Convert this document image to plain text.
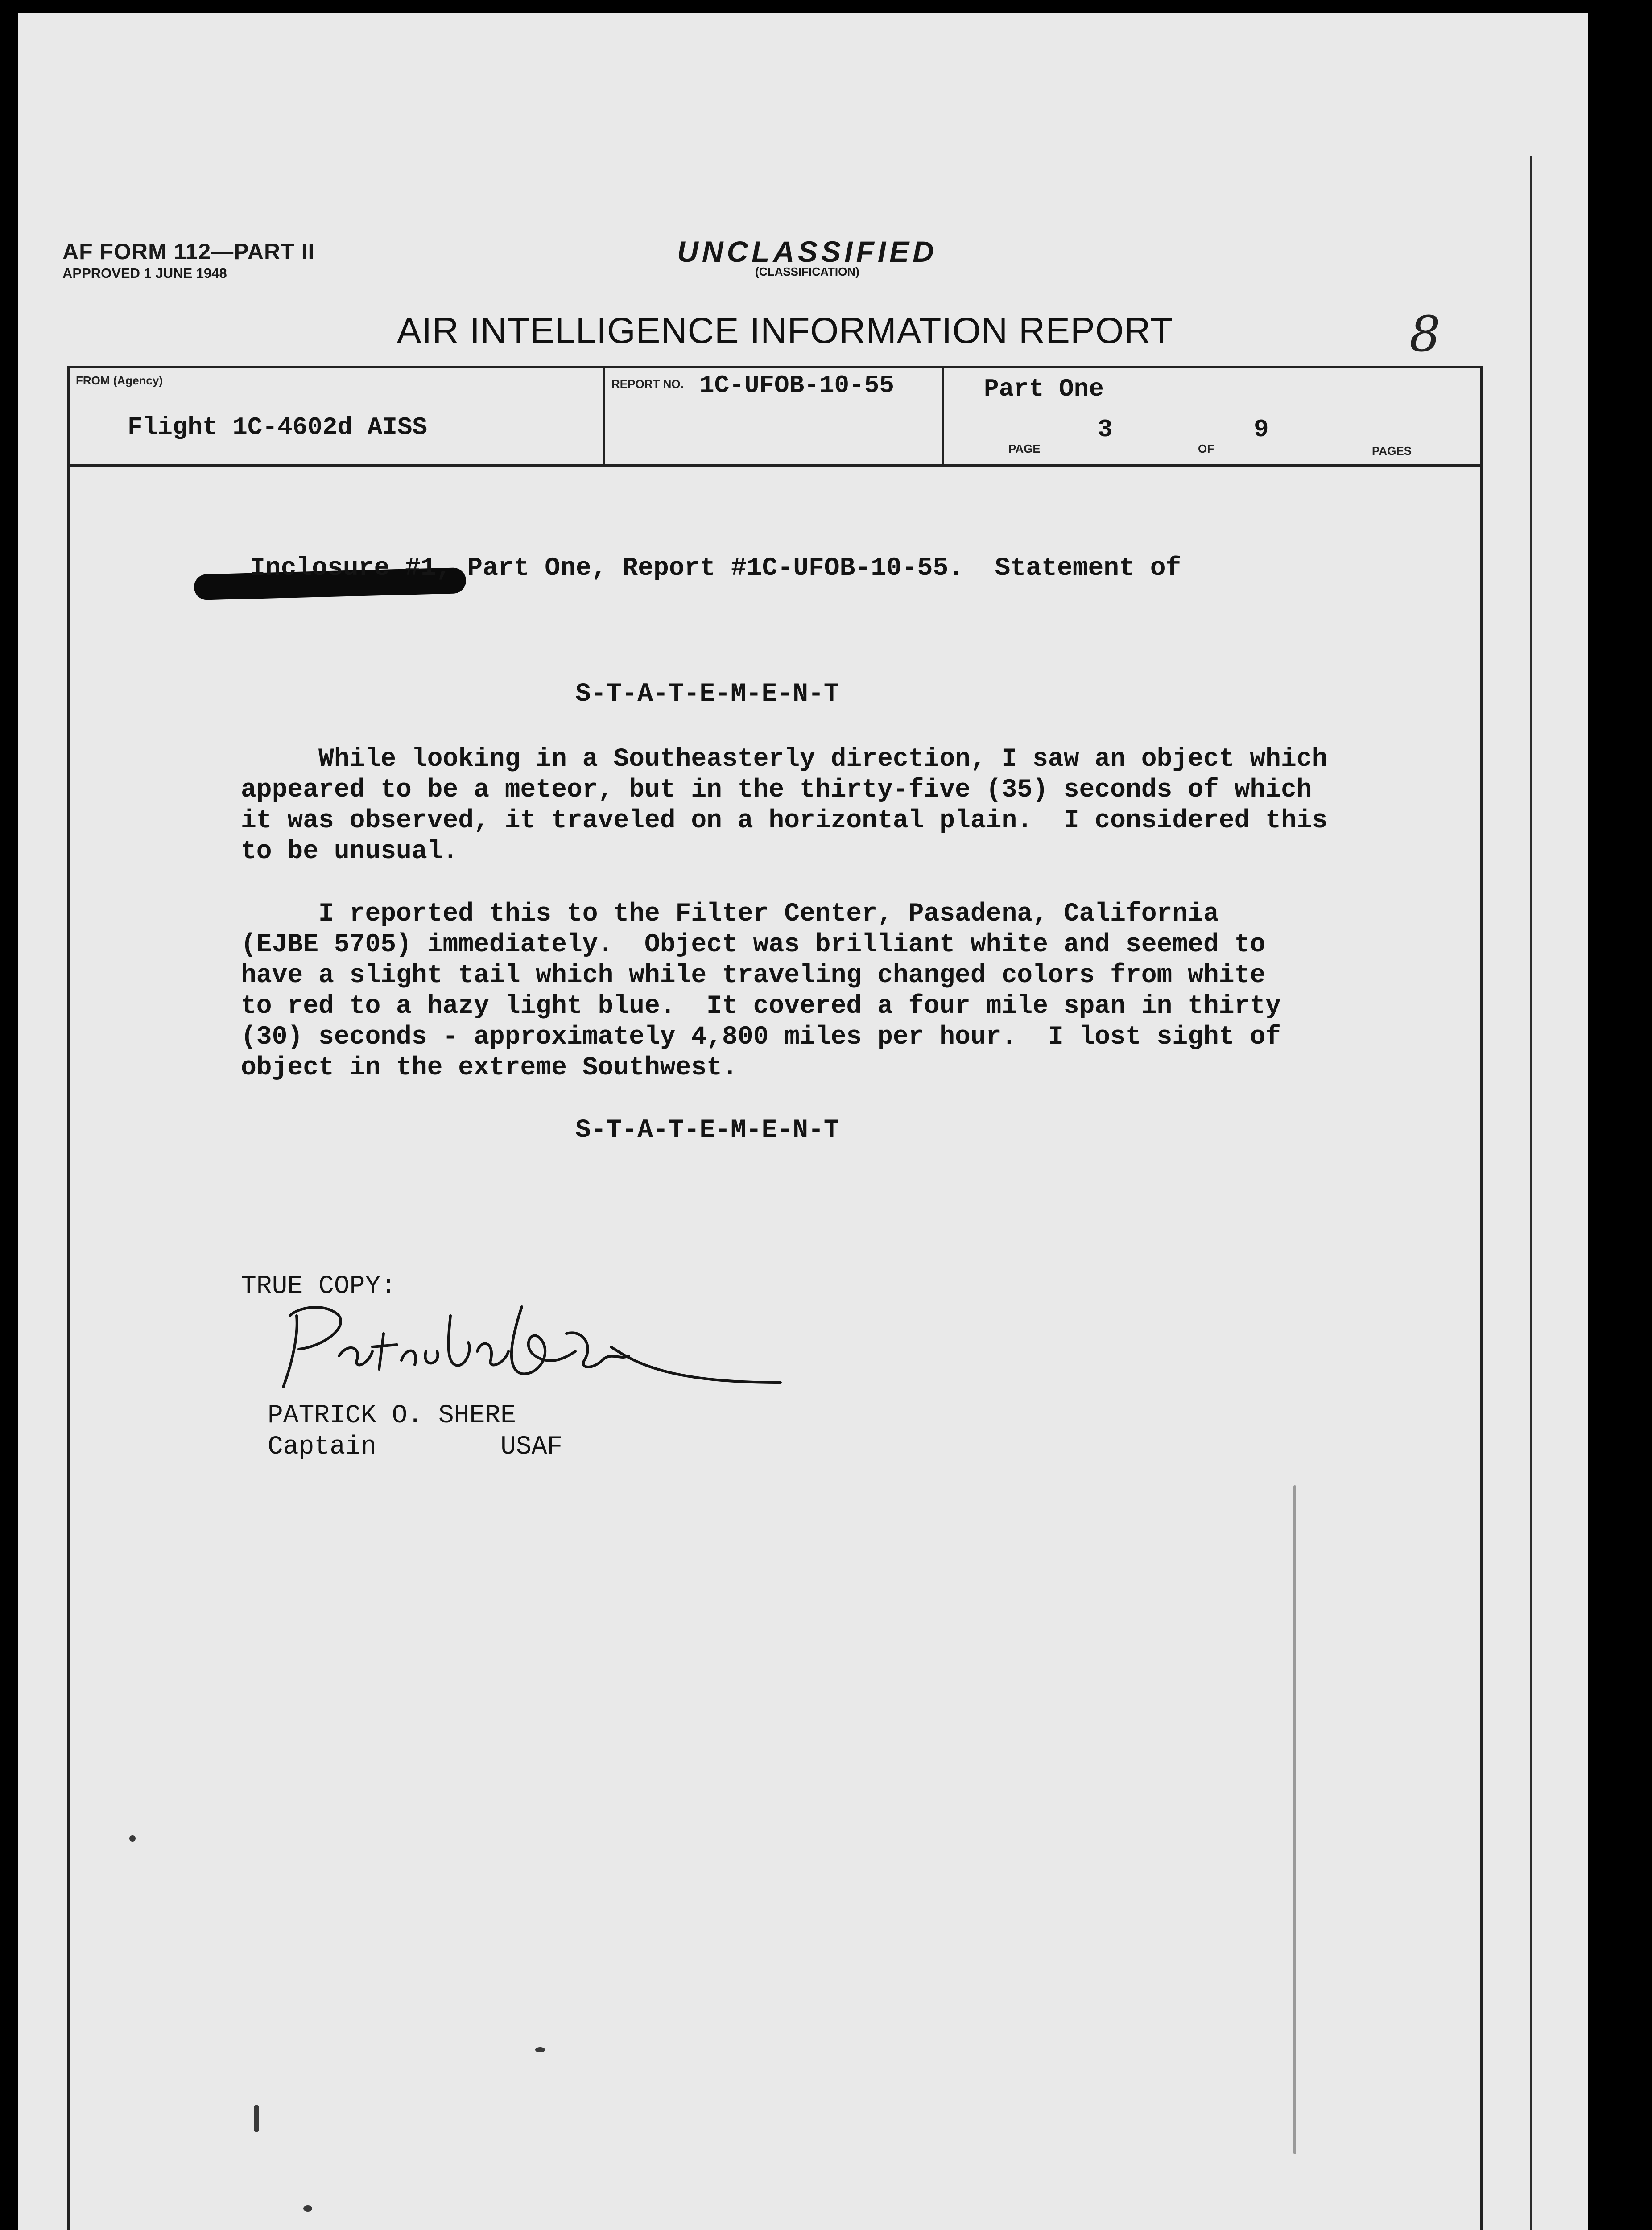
AF FORM 112—PART II
APPROVED 1 JUNE 1948
UNCLASSIFIED
(CLASSIFICATION)
AIR INTELLIGENCE INFORMATION REPORT	8
FROM (Agency)
Flight 1C-4602d AISS
REPORT NO. 1C-UFOB-10-55	Part One
PAGE
3
OF
9
PAGES
Inclosure #1, Part One, Report #1C-UFOB-10-55.  Statement of
S-T-A-T-E-M-E-N-T
While looking in a Southeasterly direction, I saw an object which
appeared to be a meteor, but in the thirty-five (35) seconds of which
it was observed, it traveled on a horizontal plain.  I considered this
to be unusual.
I reported this to the Filter Center, Pasadena, California
(EJBE 5705) immediately.  Object was brilliant white and seemed to
have a slight tail which while traveling changed colors from white
to red to a hazy light blue.  It covered a four mile span in thirty
(30) seconds - approximately 4,800 miles per hour.  I lost sight of
object in the extreme Southwest.
S-T-A-T-E-M-E-N-T
TRUE COPY:
PATRICK O. SHERE
Captain        USAF
